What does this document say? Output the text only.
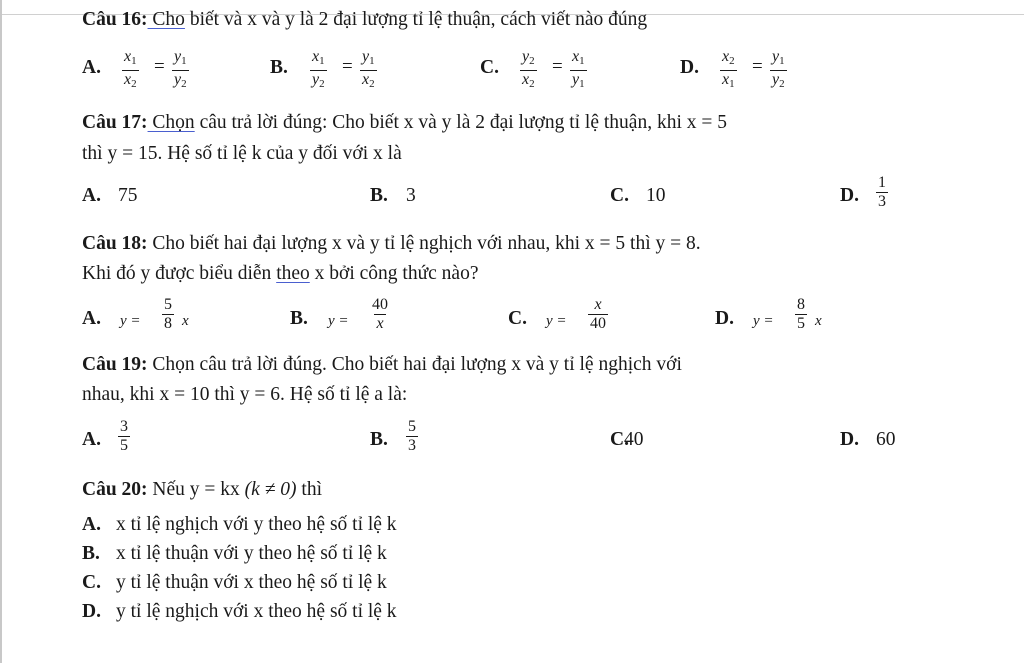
Câu 16: Cho biết và x và y là 2 đại lượng tỉ lệ thuận, cách viết nào đúng
Câu 17: Chọn câu trả lời đúng: Cho biết x và y là 2 đại lượng tỉ lệ thuận, khi x = 5
thì y = 15. Hệ số tỉ lệ k của y đối với x là
Câu 18: Cho biết hai đại lượng x và y tỉ lệ nghịch với nhau, khi x = 5 thì y = 8.
Khi đó y được biểu diễn theo x bởi công thức nào?
Câu 19: Chọn câu trả lời đúng. Cho biết hai đại lượng x và y tỉ lệ nghịch với
nhau, khi x = 10 thì y = 6. Hệ số tỉ lệ a là:
Câu 20: Nếu y = kx (k ≠ 0) thì
A. $\frac{x_1}{x_2} = \frac{y_1}{y_2}$	B. $\frac{x_1}{y_2} = \frac{y_1}{x_2}$	C. $\frac{y_2}{x_2} = \frac{x_1}{y_1}$	D. $\frac{x_2}{x_1} = \frac{y_1}{y_2}$
A. 75	B. 3	C. 10	D. $\frac{1}{3}$
A. $y = \frac{5}{8}$ x	B. $y = \frac{40}{x}$	C. $y = \frac{x}{40}$	D. $y = \frac{8}{5}$ x
A. $\frac{3}{5}$	B. $\frac{5}{3}$	C.
40	D. 60
A. x tỉ lệ nghịch với y theo hệ số tỉ lệ k
B. x tỉ lệ thuận với y theo hệ số tỉ lệ k
C. y tỉ lệ thuận với x theo hệ số tỉ lệ k
D. y tỉ lệ nghịch với x theo hệ số tỉ lệ k
